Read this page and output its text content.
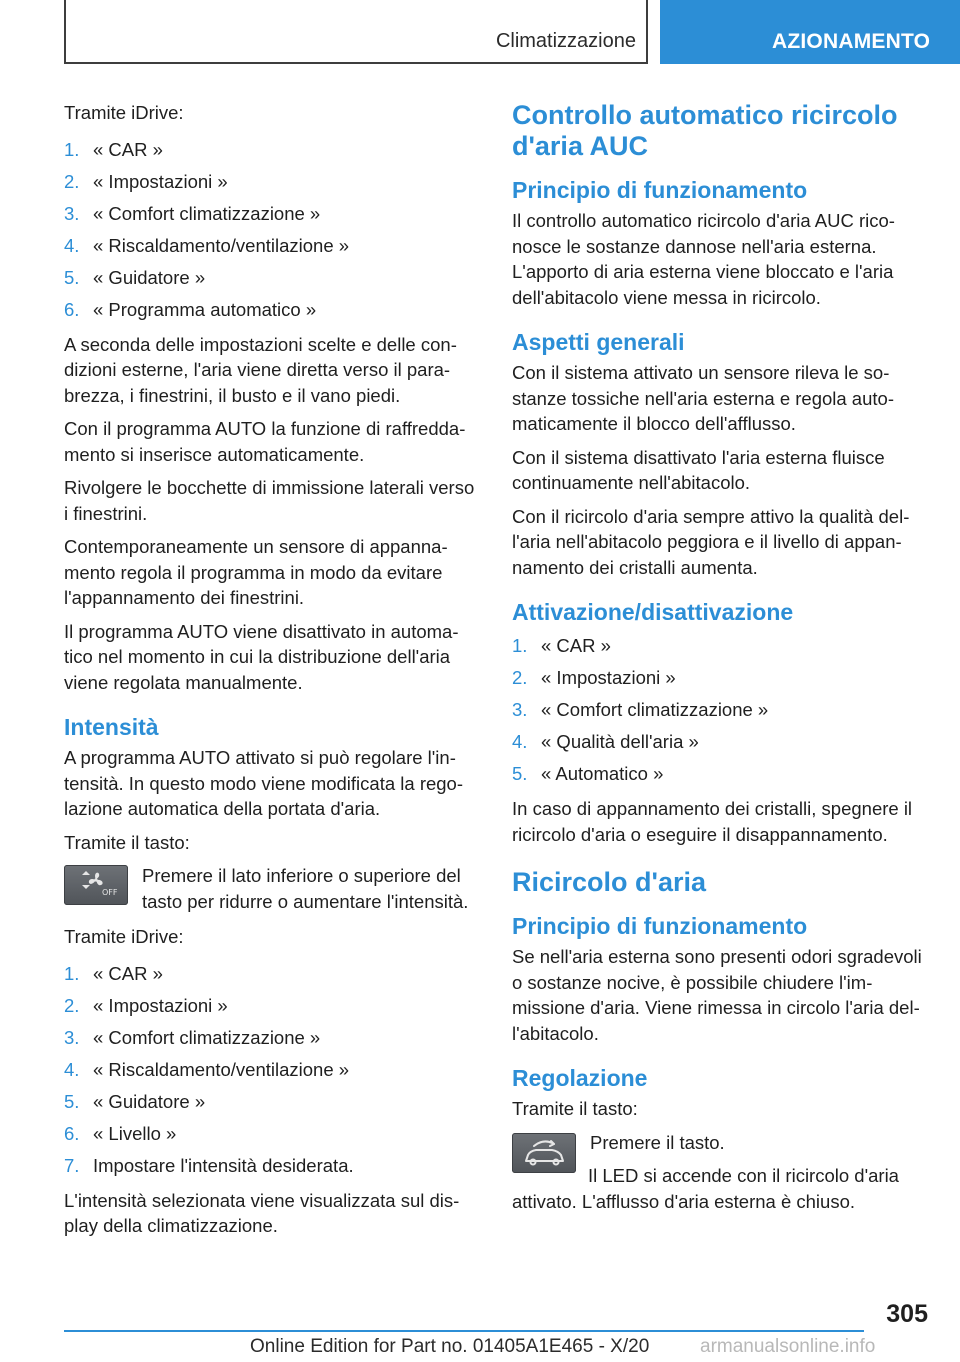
Climatizzazione	AZIONAMENTO

Tramite iDrive:

1. « CAR »
2. « Impostazioni »
3. « Comfort climatizzazione »
4. « Riscaldamento/ventilazione »
5. « Guidatore »
6. « Programma automatico »

A seconda delle impostazioni scelte e delle condizioni esterne, l'aria viene diretta verso il parabrezza, i finestrini, il busto e il vano piedi.

Con il programma AUTO la funzione di raffreddamento si inserisce automaticamente.

Rivolgere le bocchette di immissione laterali verso i finestrini.

Contemporaneamente un sensore di appannamento regola il programma in modo da evitare l'appannamento dei finestrini.

Il programma AUTO viene disattivato in automatico nel momento in cui la distribuzione dell'aria viene regolata manualmente.

Intensità

A programma AUTO attivato si può regolare l'intensità. In questo modo viene modificata la regolazione automatica della portata d'aria.

Tramite il tasto:

OFF

Premere il lato inferiore o superiore del tasto per ridurre o aumentare l'intensità.

Tramite iDrive:

1. « CAR »
2. « Impostazioni »
3. « Comfort climatizzazione »
4. « Riscaldamento/ventilazione »
5. « Guidatore »
6. « Livello »
7. Impostare l'intensità desiderata.

L'intensità selezionata viene visualizzata sul display della climatizzazione.

Controllo automatico ricircolo d'aria AUC
Principio di funzionamento

Il controllo automatico ricircolo d'aria AUC riconosce le sostanze dannose nell'aria esterna. L'apporto di aria esterna viene bloccato e l'aria dell'abitacolo viene messa in ricircolo.

Aspetti generali

Con il sistema attivato un sensore rileva le sostanze tossiche nell'aria esterna e regola automaticamente il blocco dell'afflusso.

Con il sistema disattivato l'aria esterna fluisce continuamente nell'abitacolo.

Con il ricircolo d'aria sempre attivo la qualità dell'aria nell'abitacolo peggiora e il livello di appannamento dei cristalli aumenta.

Attivazione/disattivazione
1. « CAR »
2. « Impostazioni »
3. « Comfort climatizzazione »
4. « Qualità dell'aria »
5. « Automatico »

In caso di appannamento dei cristalli, spegnere il ricircolo d'aria o eseguire il disappannamento.

Ricircolo d'aria
Principio di funzionamento

Se nell'aria esterna sono presenti odori sgradevoli o sostanze nocive, è possibile chiudere l'immissione d'aria. Viene rimessa in circolo l'aria dell'abitacolo.

Regolazione

Tramite il tasto:

Premere il tasto.

Il LED si accende con il ricircolo d'aria attivato. L'afflusso d'aria esterna è chiuso.

305
Online Edition for Part no. 01405A1E465 - X/20	armanualsonline.info
